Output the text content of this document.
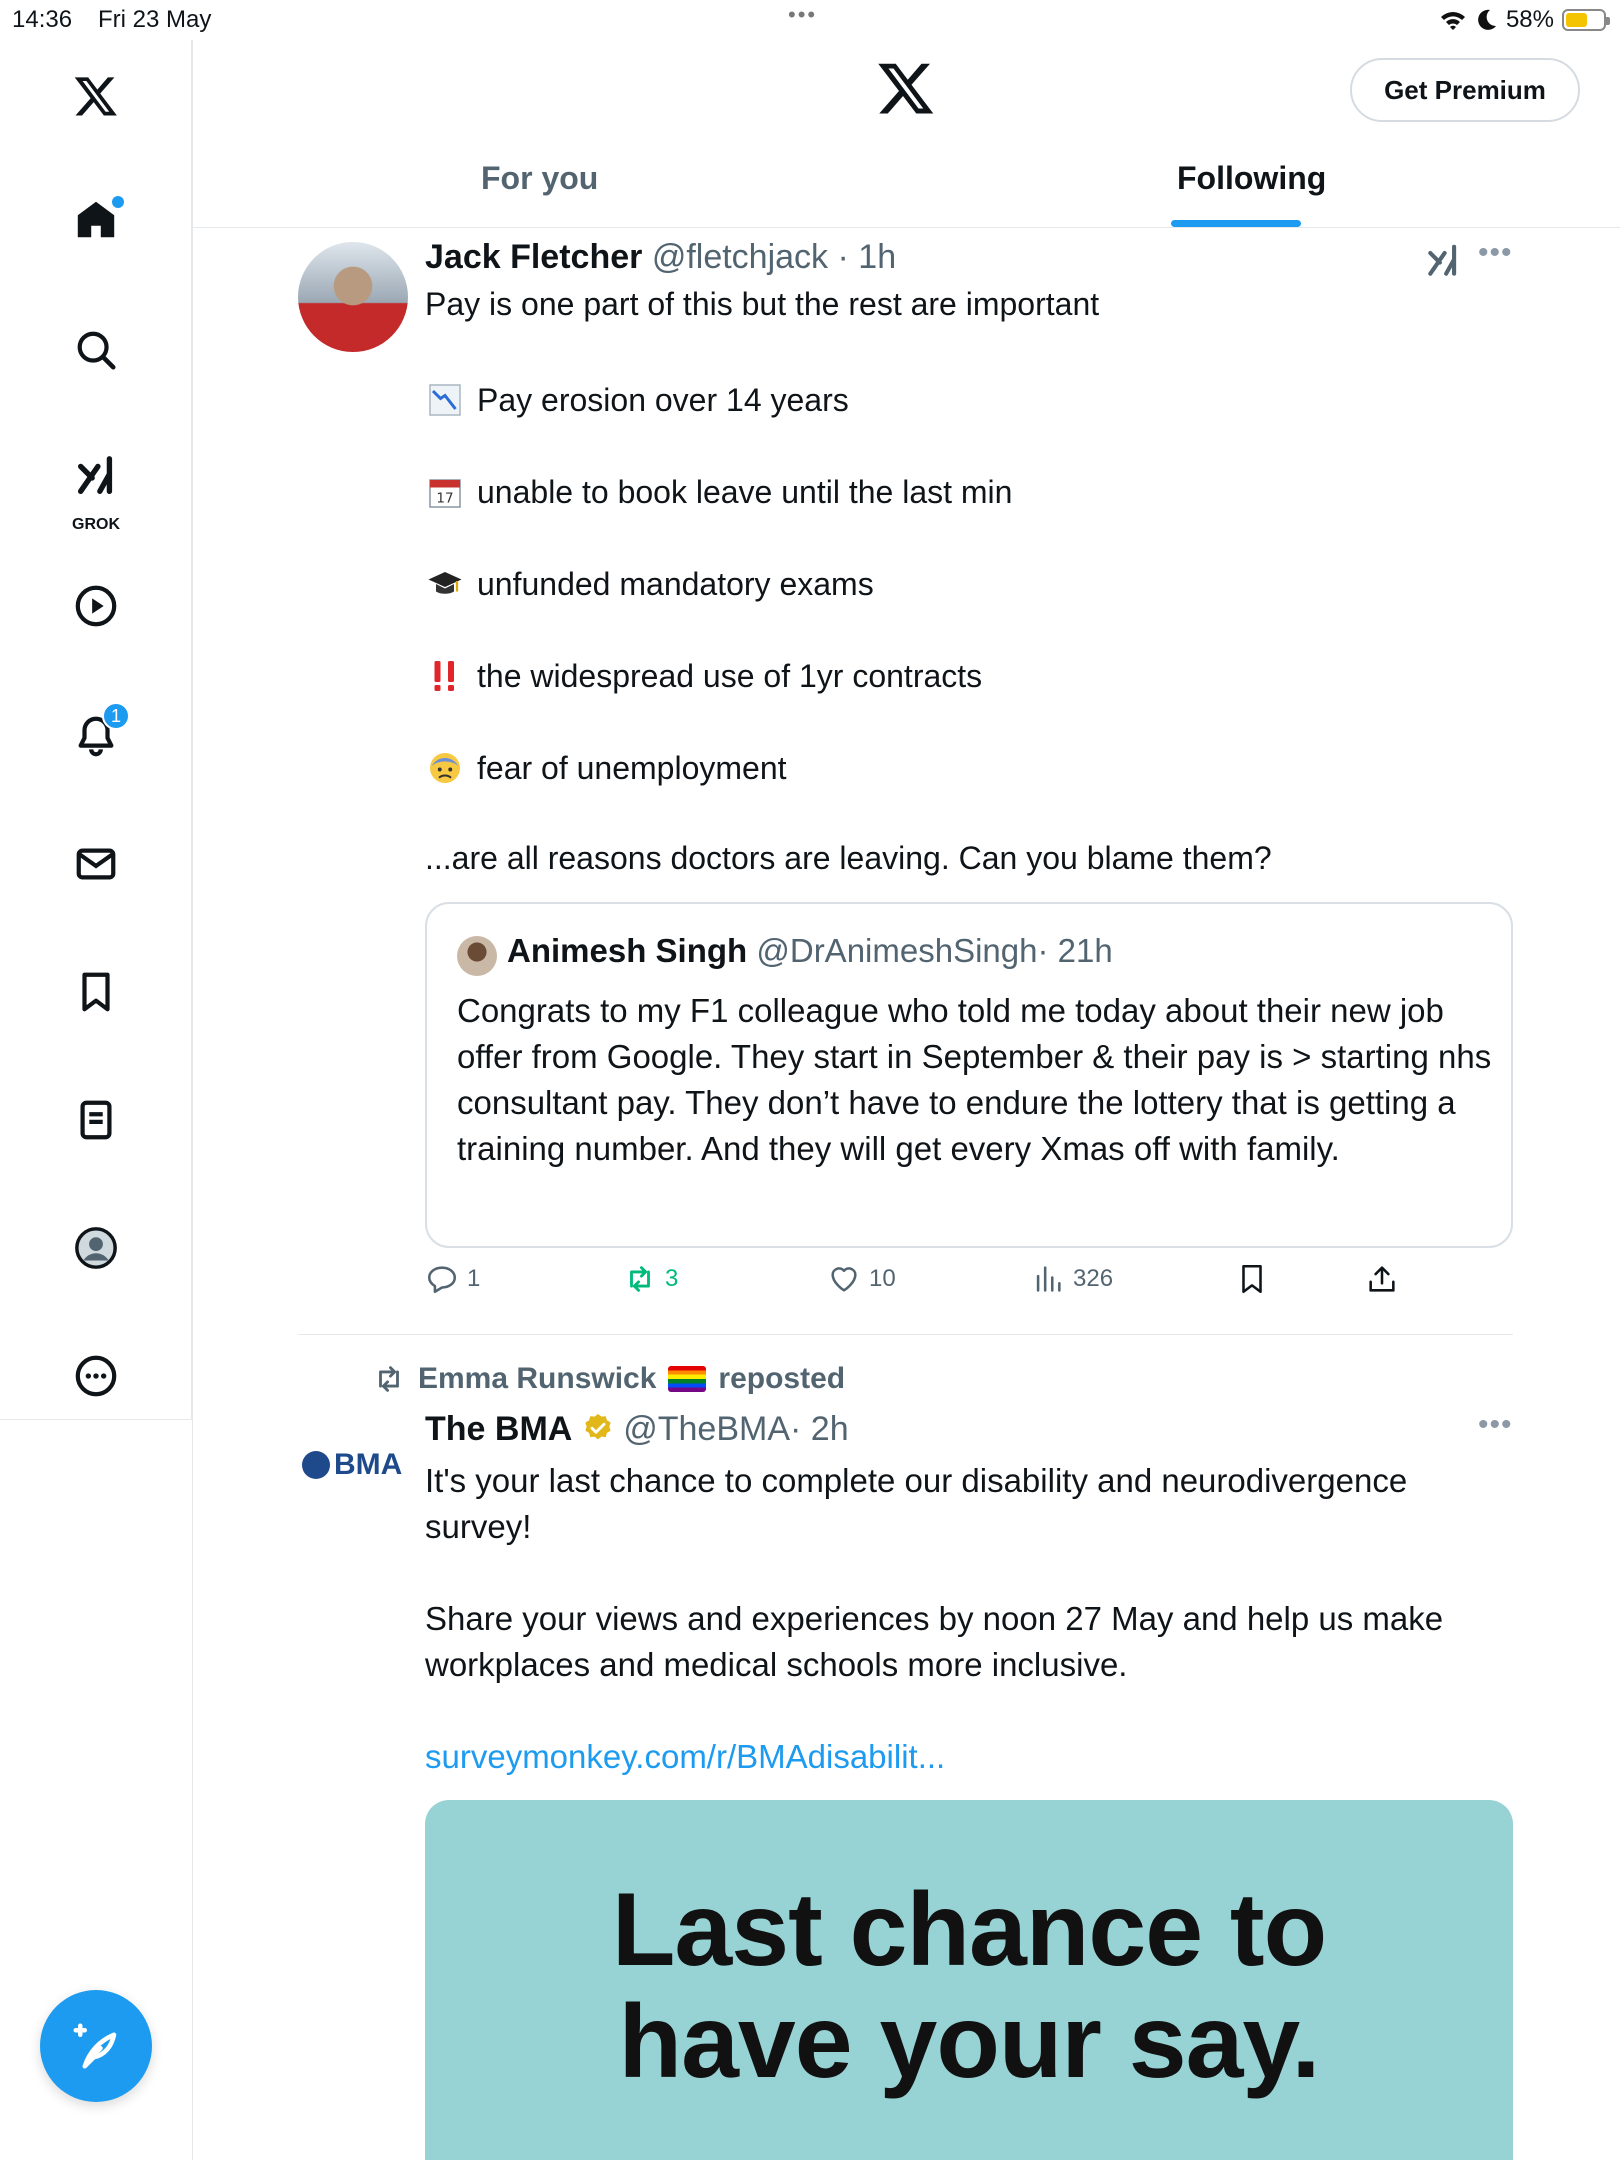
14:36 Fri 23 May	•••	58%
GROK
1
Get Premium
For you	Following
Jack Fletcher @fletchjack · 1h	•••
Pay is one part of this but the rest are important
Pay erosion over 14 years
17 unable to book leave until the last min
unfunded mandatory exams
the widespread use of 1yr contracts
fear of unemployment
...are all reasons doctors are leaving. Can you blame them?
Animesh Singh @DrAnimeshSingh· 21h
Congrats to my F1 colleague who told me today about their new job offer from Google. They start in September & their pay is > starting nhs consultant pay. They don’t have to endure the lottery that is getting a training number. And they will get every Xmas off with family.
1	3	10	326
Emma Runswick reposted
BMA
The BMA @TheBMA· 2h	•••
It's your last chance to complete our disability and neurodivergence survey!
Share your views and experiences by noon 27 May and help us make workplaces and medical schools more inclusive.
surveymonkey.com/r/BMAdisabilit...
Last chance to
have your say.
